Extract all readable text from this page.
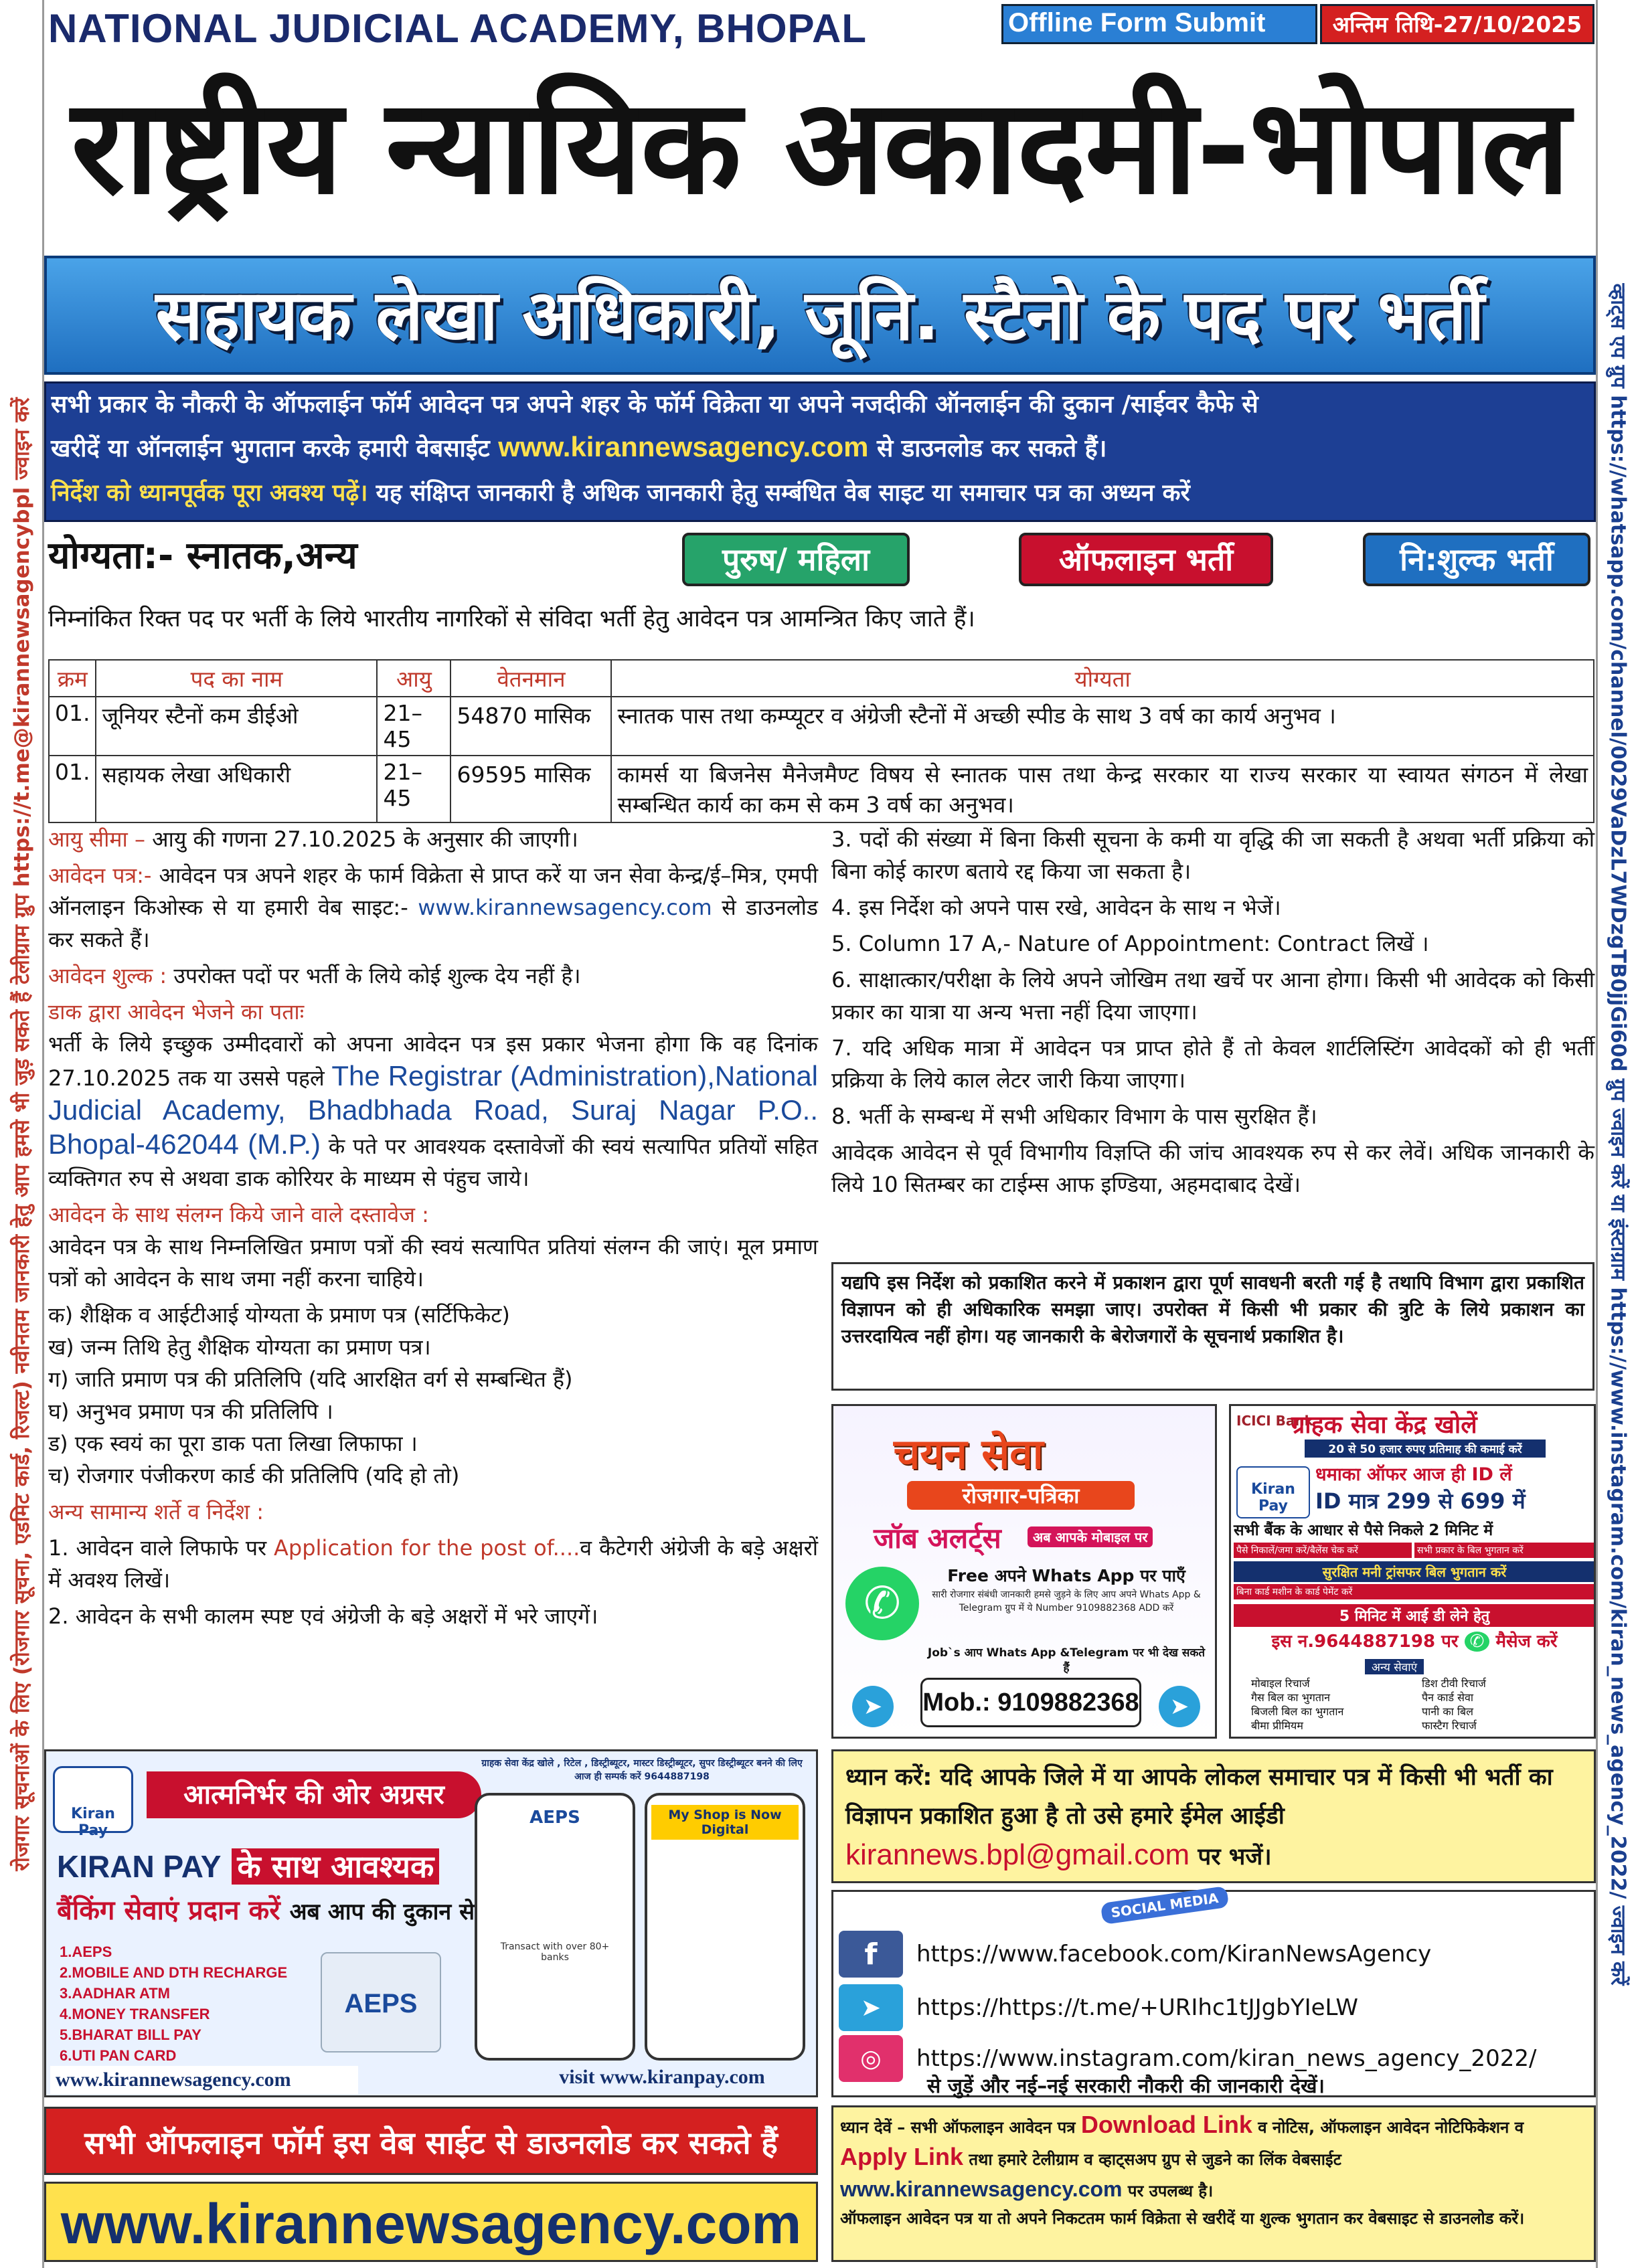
रोजगार सूचनाओं के लिए (रोजगार सूचना, एडमिट कार्ड, रिजल्ट) नवीनतम जानकारी हेतु आप हमसे भी जुड़ सकते हैं टेलीग्राम ग्रुप https://t.me@kirannewsagencybpl ज्वाइन करें	व्हाट्स एप ग्रुप https://whatsapp.com/channel/0029VaDzL7WDzgTB0jjGi60d ग्रुप ज्वाइन करें या इंस्टाग्राम https://www.instagram.com/kiran_news_agency_2022/ ज्वाइन करें
NATIONAL JUDICIAL ACADEMY, BHOPAL	Offline Form Submit	अन्तिम तिथि-27/10/2025
राष्ट्रीय न्यायिक अकादमी-भोपाल
सहायक लेखा अधिकारी, जूनि. स्टैनो के पद पर भर्ती
सभी प्रकार के नौकरी के ऑफलाईन फॉर्म आवेदन पत्र अपने शहर के फॉर्म विक्रेता या अपने नजदीकी ऑनलाईन की दुकान /साईवर कैफे से
खरीदें या ऑनलाईन भुगतान करके हमारी वेबसाईट www.kirannewsagency.com से डाउनलोड कर सकते हैं।
निर्देश को ध्यानपूर्वक पूरा अवश्य पढ़ें। यह संक्षिप्त जानकारी है अधिक जानकारी हेतु सम्बंधित वेब साइट या समाचार पत्र का अध्यन करें
योग्यता:- स्नातक,अन्य	पुरुष/ महिला	ऑफलाइन भर्ती	नि:शुल्क भर्ती
निम्नांकित रिक्त पद पर भर्ती के लिये भारतीय नागरिकों से संविदा भर्ती हेतु आवेदन पत्र आमन्त्रित किए जाते हैं।
क्रम	पद का नाम	आयु	वेतनमान	योग्यता
01.	जूनियर स्टैनों कम डीईओ	21–45	54870 मासिक	स्नातक पास तथा कम्प्यूटर व अंग्रेजी स्टैनों में अच्छी स्पीड के साथ 3 वर्ष का कार्य अनुभव ।
01.	सहायक लेखा अधिकारी	21–45	69595 मासिक	कामर्स या बिजनेस मैनेजमैण्ट विषय से स्नातक पास तथा केन्द्र सरकार या राज्य सरकार या स्वायत संगठन में लेखा सम्बन्धित कार्य का कम से कम 3 वर्ष का अनुभव।

आयु सीमा – आयु की गणना 27.10.2025 के अनुसार की जाएगी।

आवेदन पत्र:- आवेदन पत्र अपने शहर के फार्म विक्रेता से प्राप्त करें या जन सेवा केन्द्र/ई–मित्र, एमपी ऑनलाइन किओस्क से या हमारी वेब साइट:- www.kirannewsagency.com से डाउनलोड कर सकते हैं।

आवेदन शुल्क : उपरोक्त पदों पर भर्ती के लिये कोई शुल्क देय नहीं है।

डाक द्वारा आवेदन भेजने का पताः
भर्ती के लिये इच्छुक उम्मीदवारों को अपना आवेदन पत्र इस प्रकार भेजना होगा कि वह दिनांक 27.10.2025 तक या उससे पहले The Registrar (Administration),National Judicial Academy, Bhadbhada Road, Suraj Nagar P.O.. Bhopal-462044 (M.P.) के पते पर आवश्यक दस्तावेजों की स्वयं सत्यापित प्रतियों सहित व्यक्तिगत रुप से अथवा डाक कोरियर के माध्यम से पंहुच जाये।

आवेदन के साथ संलग्न किये जाने वाले दस्तावेज :
आवेदन पत्र के साथ निम्नलिखित प्रमाण पत्रों की स्वयं सत्यापित प्रतियां संलग्न की जाएं। मूल प्रमाण पत्रों को आवेदन के साथ जमा नहीं करना चाहिये।

क) शैक्षिक व आईटीआई योग्यता के प्रमाण पत्र (सर्टिफिकेट)
ख) जन्म तिथि हेतु शैक्षिक योग्यता का प्रमाण पत्र।
ग) जाति प्रमाण पत्र की प्रतिलिपि (यदि आरक्षित वर्ग से सम्बन्धित हैं)
घ) अनुभव प्रमाण पत्र की प्रतिलिपि ।
ड) एक स्वयं का पूरा डाक पता लिखा लिफाफा ।
च) रोजगार पंजीकरण कार्ड की प्रतिलिपि (यदि हो तो)

अन्य सामान्य शर्ते व निर्देश :

1. आवेदन वाले लिफाफे पर Application for the post of....व कैटेगरी अंग्रेजी के बड़े अक्षरों में अवश्य लिखें।

2. आवेदन के सभी कालम स्पष्ट एवं अंग्रेजी के बड़े अक्षरों में भरे जाएगें।

3. पदों की संख्या में बिना किसी सूचना के कमी या वृद्धि की जा सकती है अथवा भर्ती प्रक्रिया को बिना कोई कारण बताये रद्द किया जा सकता है।

4. इस निर्देश को अपने पास रखे, आवेदन के साथ न भेजें।

5. Column 17 A,- Nature of Appointment: Contract लिखें ।

6. साक्षात्कार/परीक्षा के लिये अपने जोखिम तथा खर्चे पर आना होगा। किसी भी आवेदक को किसी प्रकार का यात्रा या अन्य भत्ता नहीं दिया जाएगा।

7. यदि अधिक मात्रा में आवेदन पत्र प्राप्त होते हैं तो केवल शार्टलिस्टिंग आवेदकों को ही भर्ती प्रक्रिया के लिये काल लेटर जारी किया जाएगा।

8. भर्ती के सम्बन्ध में सभी अधिकार विभाग के पास सुरक्षित हैं।

आवेदक आवेदन से पूर्व विभागीय विज्ञप्ति की जांच आवश्यक रुप से कर लेवें। अधिक जानकारी के लिये 10 सितम्बर का टाईम्स आफ इण्डिया, अहमदाबाद देखें।

यद्यपि इस निर्देश को प्रकाशित करने में प्रकाशन द्वारा पूर्ण सावधनी बरती गई है तथापि विभाग द्वारा प्रकाशित विज्ञापन को ही अधिकारिक समझा जाए। उपरोक्त में किसी भी प्रकार की त्रुटि के लिये प्रकाशन का उत्तरदायित्व नहीं होग। यह जानकारी के बेरोजगारों के सूचनार्थ प्रकाशित है।
चयन सेवा
रोजगार-पत्रिका
जॉब अलर्ट्स	अब आपके मोबाइल पर
✆
Free अपने Whats App पर पाएँ
सारी रोजगार संबंधी जानकारी हमसे जुड़ने के लिए आप अपने Whats App & Telegram ग्रुप में ये Number 9109882368 ADD करें
Job`s आप Whats App &Telegram पर भी देख सकते हैं
➤	Mob.: 9109882368	➤
ICICI Bank
ग्राहक सेवा केंद्र खोलें
20 से 50 हजार रुपए प्रतिमाह की कमाई करें
Kiran Pay
धमाका ऑफर आज ही ID लें
ID मात्र 299 से 699 में
सभी बैंक के आधार से पैसे निकले 2 मिनिट में
पैसे निकालें/जमा करें/बैलेंस चेक करें	सभी प्रकार के बिल भुगतान करें
सुरक्षित मनी ट्रांसफर बिल भुगतान करें
बिना कार्ड मशीन के कार्ड पेमेंट करें
5 मिनिट में आई डी लेने हेतु
इस न.9644887198 पर ✆ मैसेज करें
अन्य सेवाएं
मोबाइल रिचार्ज	डिश टीवी रिचार्ज
गैस बिल का भुगतान	पैन कार्ड सेवा
बिजली बिल का भुगतान	पानी का बिल
बीमा प्रीमियम	फास्टैग रिचार्ज
Kiran Pay
आत्मनिर्भर की ओर अग्रसर
KIRAN PAY के साथ आवश्यक
बैंकिंग सेवाएं प्रदान करें अब आप की दुकान से
1.AEPS
2.MOBILE AND DTH RECHARGE
3.AADHAR ATM
4.MONEY TRANSFER
5.BHARAT BILL PAY
6.UTI PAN CARD
AEPS
www.kirannewsagency.com
ग्राहक सेवा केंद्र खोले , रिटेल , डिस्ट्रीब्यूटर, मास्टर डिस्ट्रीब्यूटर, सुपर डिस्ट्रीब्यूटर बनने की लिए आज ही सम्पर्क करें 9644887198
AEPS
Transact with over 80+ banks
My Shop is Now Digital
visit www.kiranpay.com
ध्यान करें: यदि आपके जिले में या आपके लोकल समाचार पत्र में किसी भी भर्ती का विज्ञापन प्रकाशित हुआ है तो उसे हमारे ईमेल आईडी kirannews.bpl@gmail.com पर भजें।
SOCIAL MEDIA
f	https://www.facebook.com/KiranNewsAgency
➤	https://https://t.me/+URIhc1tJJgbYIeLW
◎	https://www.instagram.com/kiran_news_agency_2022/
से जुड़ें और नई–नई सरकारी नौकरी की जानकारी देखें।
सभी ऑफलाइन फॉर्म इस वेब साईट से डाउनलोड कर सकते हैं
www.kirannewsagency.com
ध्यान देवें – सभी ऑफलाइन आवेदन पत्र Download Link व नोटिस, ऑफलाइन आवेदन नोटिफिकेशन व Apply Link तथा हमारे टेलीग्राम व व्हाट्सअप ग्रुप से जुडने का लिंक वेबसाईट www.kirannewsagency.com पर उपलब्ध है।
ऑफलाइन आवेदन पत्र या तो अपने निकटतम फार्म विक्रेता से खरीदें या शुल्क भुगतान कर वेबसाइट से डाउनलोड करें।
